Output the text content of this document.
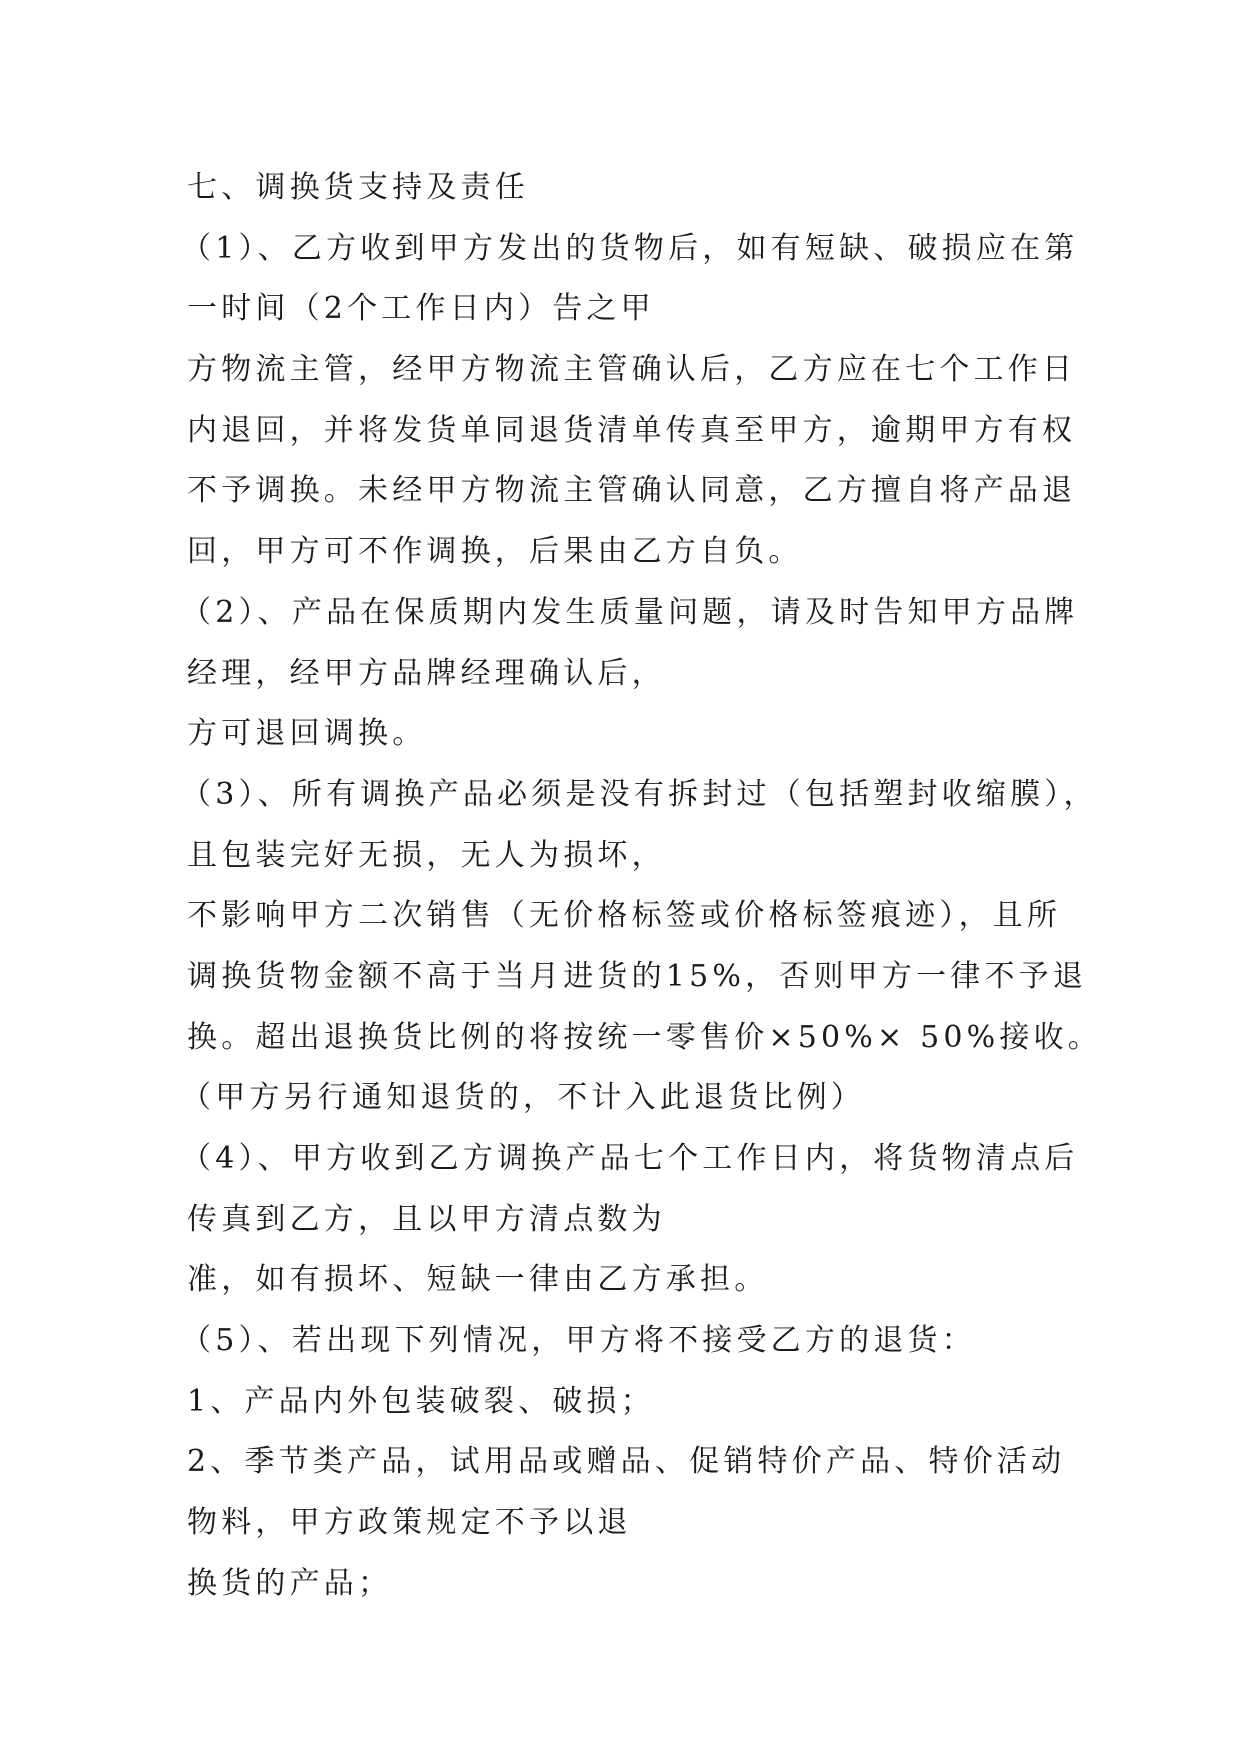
七、调换货支持及责任
（1）、乙方收到甲方发出的货物后，如有短缺、破损应在第
一时间（2个工作日内）告之甲
方物流主管，经甲方物流主管确认后，乙方应在七个工作日
内退回，并将发货单同退货清单传真至甲方，逾期甲方有权
不予调换。未经甲方物流主管确认同意，乙方擅自将产品退
回，甲方可不作调换，后果由乙方自负。
（2）、产品在保质期内发生质量问题，请及时告知甲方品牌
经理，经甲方品牌经理确认后，
方可退回调换。
（3）、所有调换产品必须是没有拆封过（包括塑封收缩膜），
且包装完好无损，无人为损坏，
不影响甲方二次销售（无价格标签或价格标签痕迹），且所
调换货物金额不高于当月进货的15%，否则甲方一律不予退
换。超出退换货比例的将按统一零售价×50%× 50%接收。
（甲方另行通知退货的，不计入此退货比例）
（4）、甲方收到乙方调换产品七个工作日内，将货物清点后
传真到乙方，且以甲方清点数为
准，如有损坏、短缺一律由乙方承担。
（5）、若出现下列情况，甲方将不接受乙方的退货：
1、产品内外包装破裂、破损；
2、季节类产品，试用品或赠品、促销特价产品、特价活动
物料，甲方政策规定不予以退
换货的产品；
